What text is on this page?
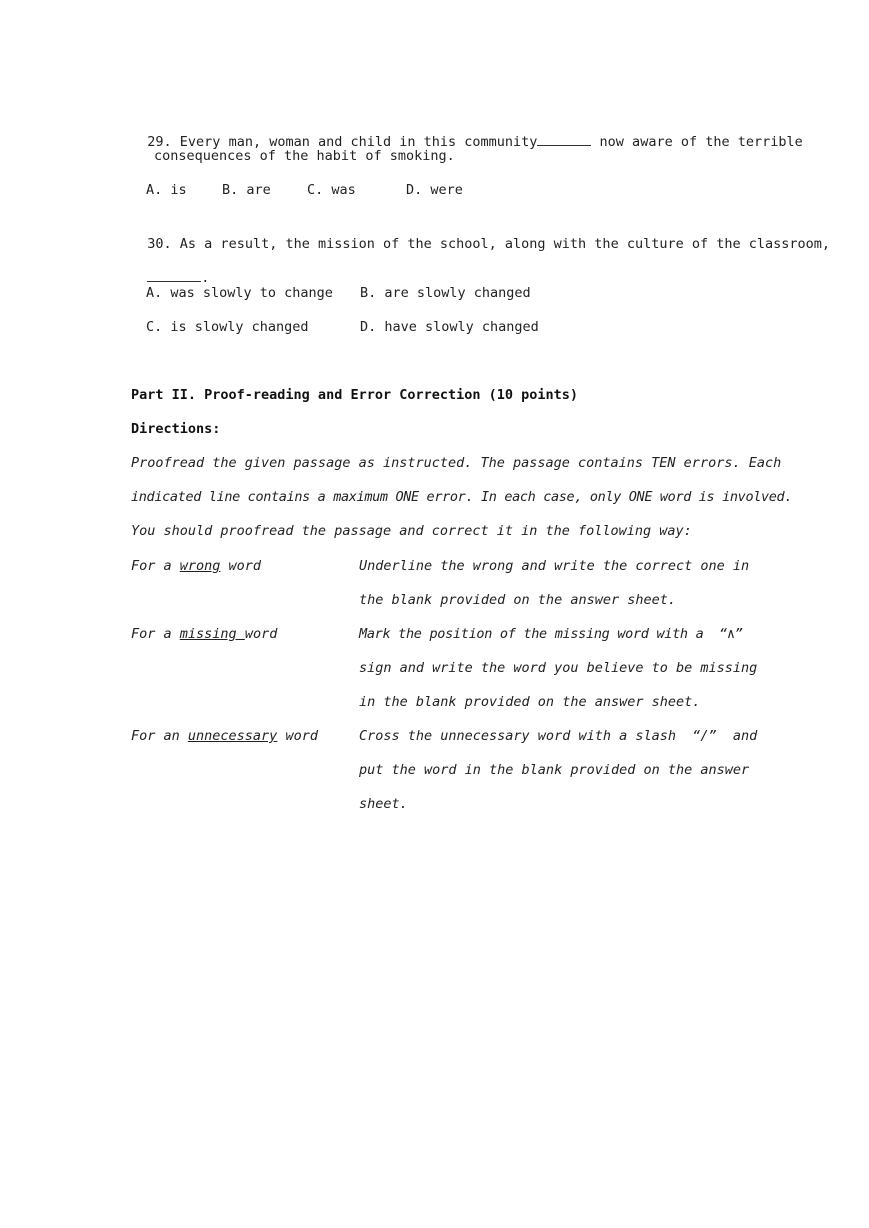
29. Every man, woman and child in this community	now aware of the terrible

consequences of the habit of smoking.
A. is	B. are	C. was	D. were

30. As a result, the mission of the school, along with the culture of the classroom,

.

A. was slowly to change B. are slowly changed
C. is slowly changed	D. have slowly changed
Part II. Proof-reading and Error Correction (10 points)
Directions:
Proofread the given passage as instructed. The passage contains TEN errors. Each
indicated line contains a maximum ONE error. In each case, only ONE word is involved.
You should proofread the passage and correct it in the following way:
For a wrong word	Underline the wrong and write the correct one in
the blank provided on the answer sheet.
For a missing word	Mark the position of the missing word with a  “∧”
sign and write the word you believe to be missing
in the blank provided on the answer sheet.
For an unnecessary word	Cross the unnecessary word with a slash  “/”  and
put the word in the blank provided on the answer
sheet.
